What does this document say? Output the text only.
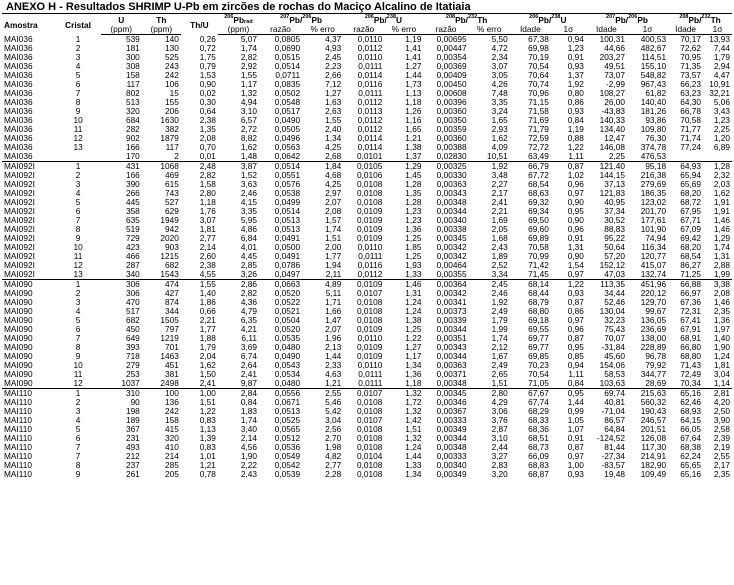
ANEXO H - Resultados SHRIMP U-Pb em zircões de rochas do Maciço Alcalino de Itatiaia
Amostra	Cristal	U	Th	Th/U	$^{206}$Pbrad	$^{207}$Pb/$^{206}$Pb		$^{206}$Pb/$^{238}$U		$^{208}$Pb/$^{232}$Th		$^{206}$Pb/$^{238}$U		$^{207}$Pb/$^{206}$Pb		$^{208}$Pb/$^{232}$Th	
		(ppm)	(ppm)		(ppm)	razão	% erro	razão	% erro	razão	% erro	Idade	1σ	Idade	1σ	Idade	1σ
MAI036	1	539	140	0,26	5,07	0,0805	4,37	0,0110	1,19	0,00695	5,50	67,38	0,94	100,31	400,53	70,17	13,93
MAI036	2	181	130	0,72	1,74	0,0690	4,93	0,0112	1,41	0,00447	4,72	69,98	1,23	44,66	482,67	72,62	7,44
MAI036	3	300	525	1,75	2,82	0,0515	2,45	0,0110	1,41	0,00354	2,34	70,19	0,91	203,27	114,51	70,95	1,79
MAI036	4	308	243	0,79	2,92	0,0514	2,23	0,0111	1,27	0,00369	3,07	70,54	0,93	49,51	155,10	71,35	2,94
MAI036	5	158	242	1,53	1,55	0,0711	2,66	0,0114	1,44	0,00409	3,05	70,64	1,37	73,07	548,82	73,57	4,47
MAI036	6	117	106	0,90	1,17	0,0835	7,12	0,0116	1,73	0,00450	4,26	70,74	1,92	-2,99	967,43	66,23	10,91
MAI036	7	802	15	0,02	1,32	0,0502	1,27	0,0111	1,13	0,00608	7,48	70,96	0,80	108,27	61,82	63,23	32,21
MAI036	8	513	155	0,30	4,94	0,0548	1,63	0,0112	1,18	0,00396	3,35	71,15	0,86	26,00	140,40	64,30	5,06
MAI036	9	320	206	0,64	3,10	0,0517	2,63	0,0113	1,26	0,00360	3,24	71,58	0,93	-43,83	181,26	66,78	3,43
MAI036	10	684	1630	2,38	6,57	0,0490	1,55	0,0112	1,16	0,00350	1,65	71,69	0,84	140,33	93,86	70,58	1,23
MAI036	11	282	382	1,35	2,72	0,0505	2,40	0,0112	1,65	0,00359	2,93	71,79	1,19	134,40	109,80	71,77	2,25
MAI036	12	902	1879	2,08	8,82	0,0496	1,34	0,0114	1,21	0,00360	1,62	72,59	0,88	12,47	76,30	71,74	1,20
MAI036	13	166	117	0,70	1,62	0,0563	4,25	0,0114	1,38	0,00388	4,09	72,72	1,22	146,08	374,78	77,24	6,89
MAI036		170	2	0,01	1,48	0,0642	2,68	0,0101	1,37	0,02830	10,51	63,49	1,11	2,25	476,53		
MAI092I	1	431	1068	2,48	3,87	0,0514	1,84	0,0105	1,29	0,00325	1,92	66,79	0,87	121,40	95,18	64,93	1,28
MAI092I	2	166	469	2,82	1,52	0,0551	4,68	0,0106	1,45	0,00330	3,48	67,72	1,02	144,15	216,38	65,94	2,32
MAI092I	3	390	615	1,58	3,63	0,0576	4,25	0,0108	1,28	0,00363	2,27	68,54	0,96	37,13	279,69	65,69	2,03
MAI092I	4	266	743	2,80	2,46	0,0538	2,97	0,0108	1,35	0,00343	2,17	68,63	0,97	121,83	186,35	68,20	1,62
MAI092I	5	445	527	1,18	4,15	0,0499	2,07	0,0108	1,28	0,00348	2,41	69,32	0,90	40,95	123,02	68,72	1,91
MAI092I	6	358	629	1,76	3,35	0,0514	2,08	0,0109	1,23	0,00344	2,21	69,34	0,95	37,34	201,70	67,95	1,91
MAI092I	7	635	1949	3,07	5,95	0,0513	1,57	0,0109	1,23	0,00340	1,69	69,50	0,90	30,52	177,61	67,71	1,46
MAI092I	8	519	942	1,81	4,86	0,0513	1,74	0,0109	1,36	0,00338	2,05	69,60	0,96	88,83	101,90	67,09	1,46
MAI092I	9	729	2020	2,77	6,84	0,0491	1,51	0,0109	1,25	0,00345	1,68	69,89	0,91	95,22	74,94	69,42	1,29
MAI092I	10	423	903	2,14	4,01	0,0500	2,00	0,0110	1,85	0,00342	2,43	70,58	1,31	50,64	116,34	68,20	1,74
MAI092I	11	466	1215	2,60	4,45	0,0491	1,77	0,0111	1,25	0,00342	1,89	70,99	0,90	57,20	120,77	68,54	1,31
MAI092I	12	287	682	2,38	2,85	0,0786	1,94	0,0116	1,93	0,00464	2,52	71,42	1,54	152,12	415,07	86,27	2,88
MAI092I	13	340	1543	4,55	3,26	0,0497	2,11	0,0112	1,33	0,00355	3,34	71,45	0,97	47,03	132,74	71,25	1,99
MAI090	1	306	474	1,55	2,86	0,0663	4,89	0,0109	1,46	0,00364	2,45	68,14	1,22	113,35	451,96	66,88	3,38
MAI090	2	306	427	1,40	2,82	0,0520	5,11	0,0107	1,31	0,00342	2,46	68,44	0,93	34,44	220,12	66,97	2,08
MAI090	3	470	874	1,86	4,36	0,0522	1,71	0,0108	1,24	0,00341	1,92	68,79	0,87	52,46	129,70	67,36	1,46
MAI090	4	517	344	0,66	4,79	0,0521	1,66	0,0108	1,24	0,00373	2,49	68,80	0,86	130,04	99,67	72,31	2,35
MAI090	5	682	1505	2,21	6,35	0,0504	1,47	0,0108	1,38	0,00339	1,79	69,18	0,97	32,23	136,05	67,41	1,36
MAI090	6	450	797	1,77	4,21	0,0520	2,07	0,0109	1,25	0,00344	1,99	69,55	0,96	75,43	236,69	67,91	1,97
MAI090	7	649	1219	1,88	6,11	0,0535	1,96	0,0110	1,22	0,00351	1,74	69,77	0,87	70,07	138,00	68,91	1,40
MAI090	8	393	701	1,79	3,69	0,0480	2,13	0,0109	1,27	0,00343	2,12	69,77	0,95	-31,84	228,89	66,80	1,90
MAI090	9	718	1463	2,04	6,74	0,0490	1,44	0,0109	1,17	0,00344	1,67	69,85	0,85	45,60	96,78	68,80	1,24
MAI090	10	279	451	1,62	2,64	0,0543	2,33	0,0110	1,34	0,00363	2,49	70,23	0,94	154,06	79,92	71,43	1,81
MAI090	11	253	381	1,50	2,41	0,0534	4,63	0,0111	1,36	0,00371	2,65	70,54	1,11	58,53	344,77	72,49	3,04
MAI090	12	1037	2498	2,41	9,87	0,0480	1,21	0,0111	1,18	0,00348	1,51	71,05	0,84	103,63	28,69	70,34	1,14
MAI110	1	310	100	1,00	2,84	0,0556	2,55	0,0107	1,32	0,00345	2,80	67,67	0,95	69,74	215,63	65,16	2,81
MAI110	2	90	136	1,51	0,84	0,0671	5,46	0,0108	1,72	0,00346	4,29	67,74	1,44	40,81	560,32	62,46	4,20
MAI110	3	198	242	1,22	1,83	0,0513	5,42	0,0108	1,32	0,00367	3,06	68,29	0,99	-71,04	190,43	68,93	2,50
MAI110	4	189	158	0,83	1,74	0,0525	3,04	0,0107	1,42	0,00333	3,76	68,33	1,05	86,57	246,57	64,15	3,90
MAI110	5	367	415	1,13	3,40	0,0565	2,56	0,0108	1,51	0,00349	2,87	68,36	1,07	64,84	201,51	66,05	2,58
MAI110	6	231	320	1,39	2,14	0,0512	2,70	0,0108	1,32	0,00344	3,10	68,51	0,91	-124,52	126,08	67,64	2,39
MAI110	7	493	410	0,83	4,56	0,0536	1,98	0,0108	1,24	0,00348	2,44	68,73	0,87	81,44	117,30	68,38	2,19
MAI110	7	212	214	1,01	1,90	0,0549	4,82	0,0104	1,44	0,00333	3,27	66,09	0,97	-27,34	214,91	62,24	2,55
MAI110	8	237	285	1,21	2,22	0,0542	2,77	0,0108	1,33	0,00340	2,83	68,83	1,00	-83,57	182,90	65,65	2,17
MAI110	9	261	205	0,78	2,43	0,0539	2,28	0,0108	1,34	0,00349	3,20	68,87	0,93	19,48	109,49	65,16	2,35
